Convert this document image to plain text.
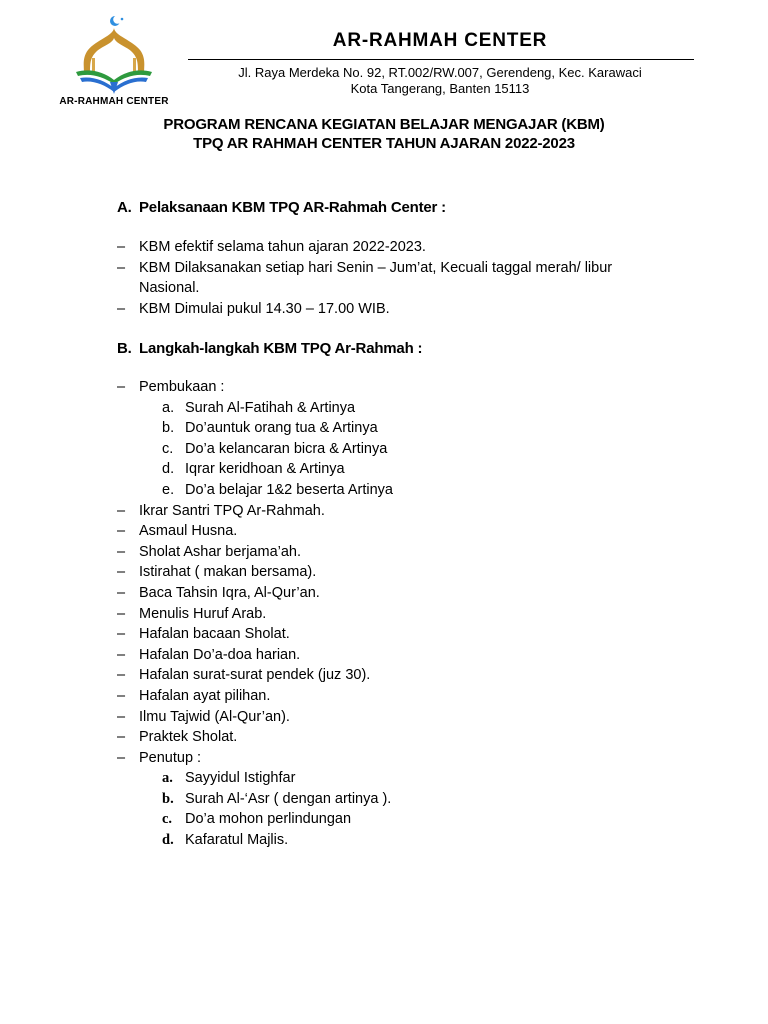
AR-RAHMAH CENTER
AR-RAHMAH CENTER
Jl. Raya Merdeka No. 92, RT.002/RW.007, Gerendeng, Kec. Karawaci
Kota Tangerang, Banten 15113
PROGRAM RENCANA KEGIATAN BELAJAR MENGAJAR (KBM)
TPQ AR RAHMAH CENTER TAHUN AJARAN 2022-2023
A. Pelaksanaan KBM TPQ AR-Rahmah Center :
– KBM efektif selama tahun ajaran 2022-2023.
– KBM Dilaksanakan setiap hari Senin – Jum’at, Kecuali taggal merah/ libur
Nasional.
– KBM Dimulai pukul 14.30 – 17.00 WIB.
B. Langkah-langkah KBM TPQ Ar-Rahmah :
– Pembukaan :
a. Surah Al-Fatihah & Artinya
b. Do’auntuk orang tua & Artinya
c. Do’a kelancaran bicra & Artinya
d. Iqrar keridhoan & Artinya
e. Do’a belajar 1&2 beserta Artinya
– Ikrar Santri TPQ Ar-Rahmah.
– Asmaul Husna.
– Sholat Ashar berjama’ah.
– Istirahat ( makan bersama).
– Baca Tahsin Iqra, Al-Qur’an.
– Menulis Huruf Arab.
– Hafalan bacaan Sholat.
– Hafalan Do’a-doa harian.
– Hafalan surat-surat pendek (juz 30).
– Hafalan ayat pilihan.
– Ilmu Tajwid (Al-Qur’an).
– Praktek Sholat.
– Penutup :
a. Sayyidul Istighfar
b. Surah Al-‘Asr ( dengan artinya ).
c. Do’a mohon perlindungan
d. Kafaratul Majlis.
